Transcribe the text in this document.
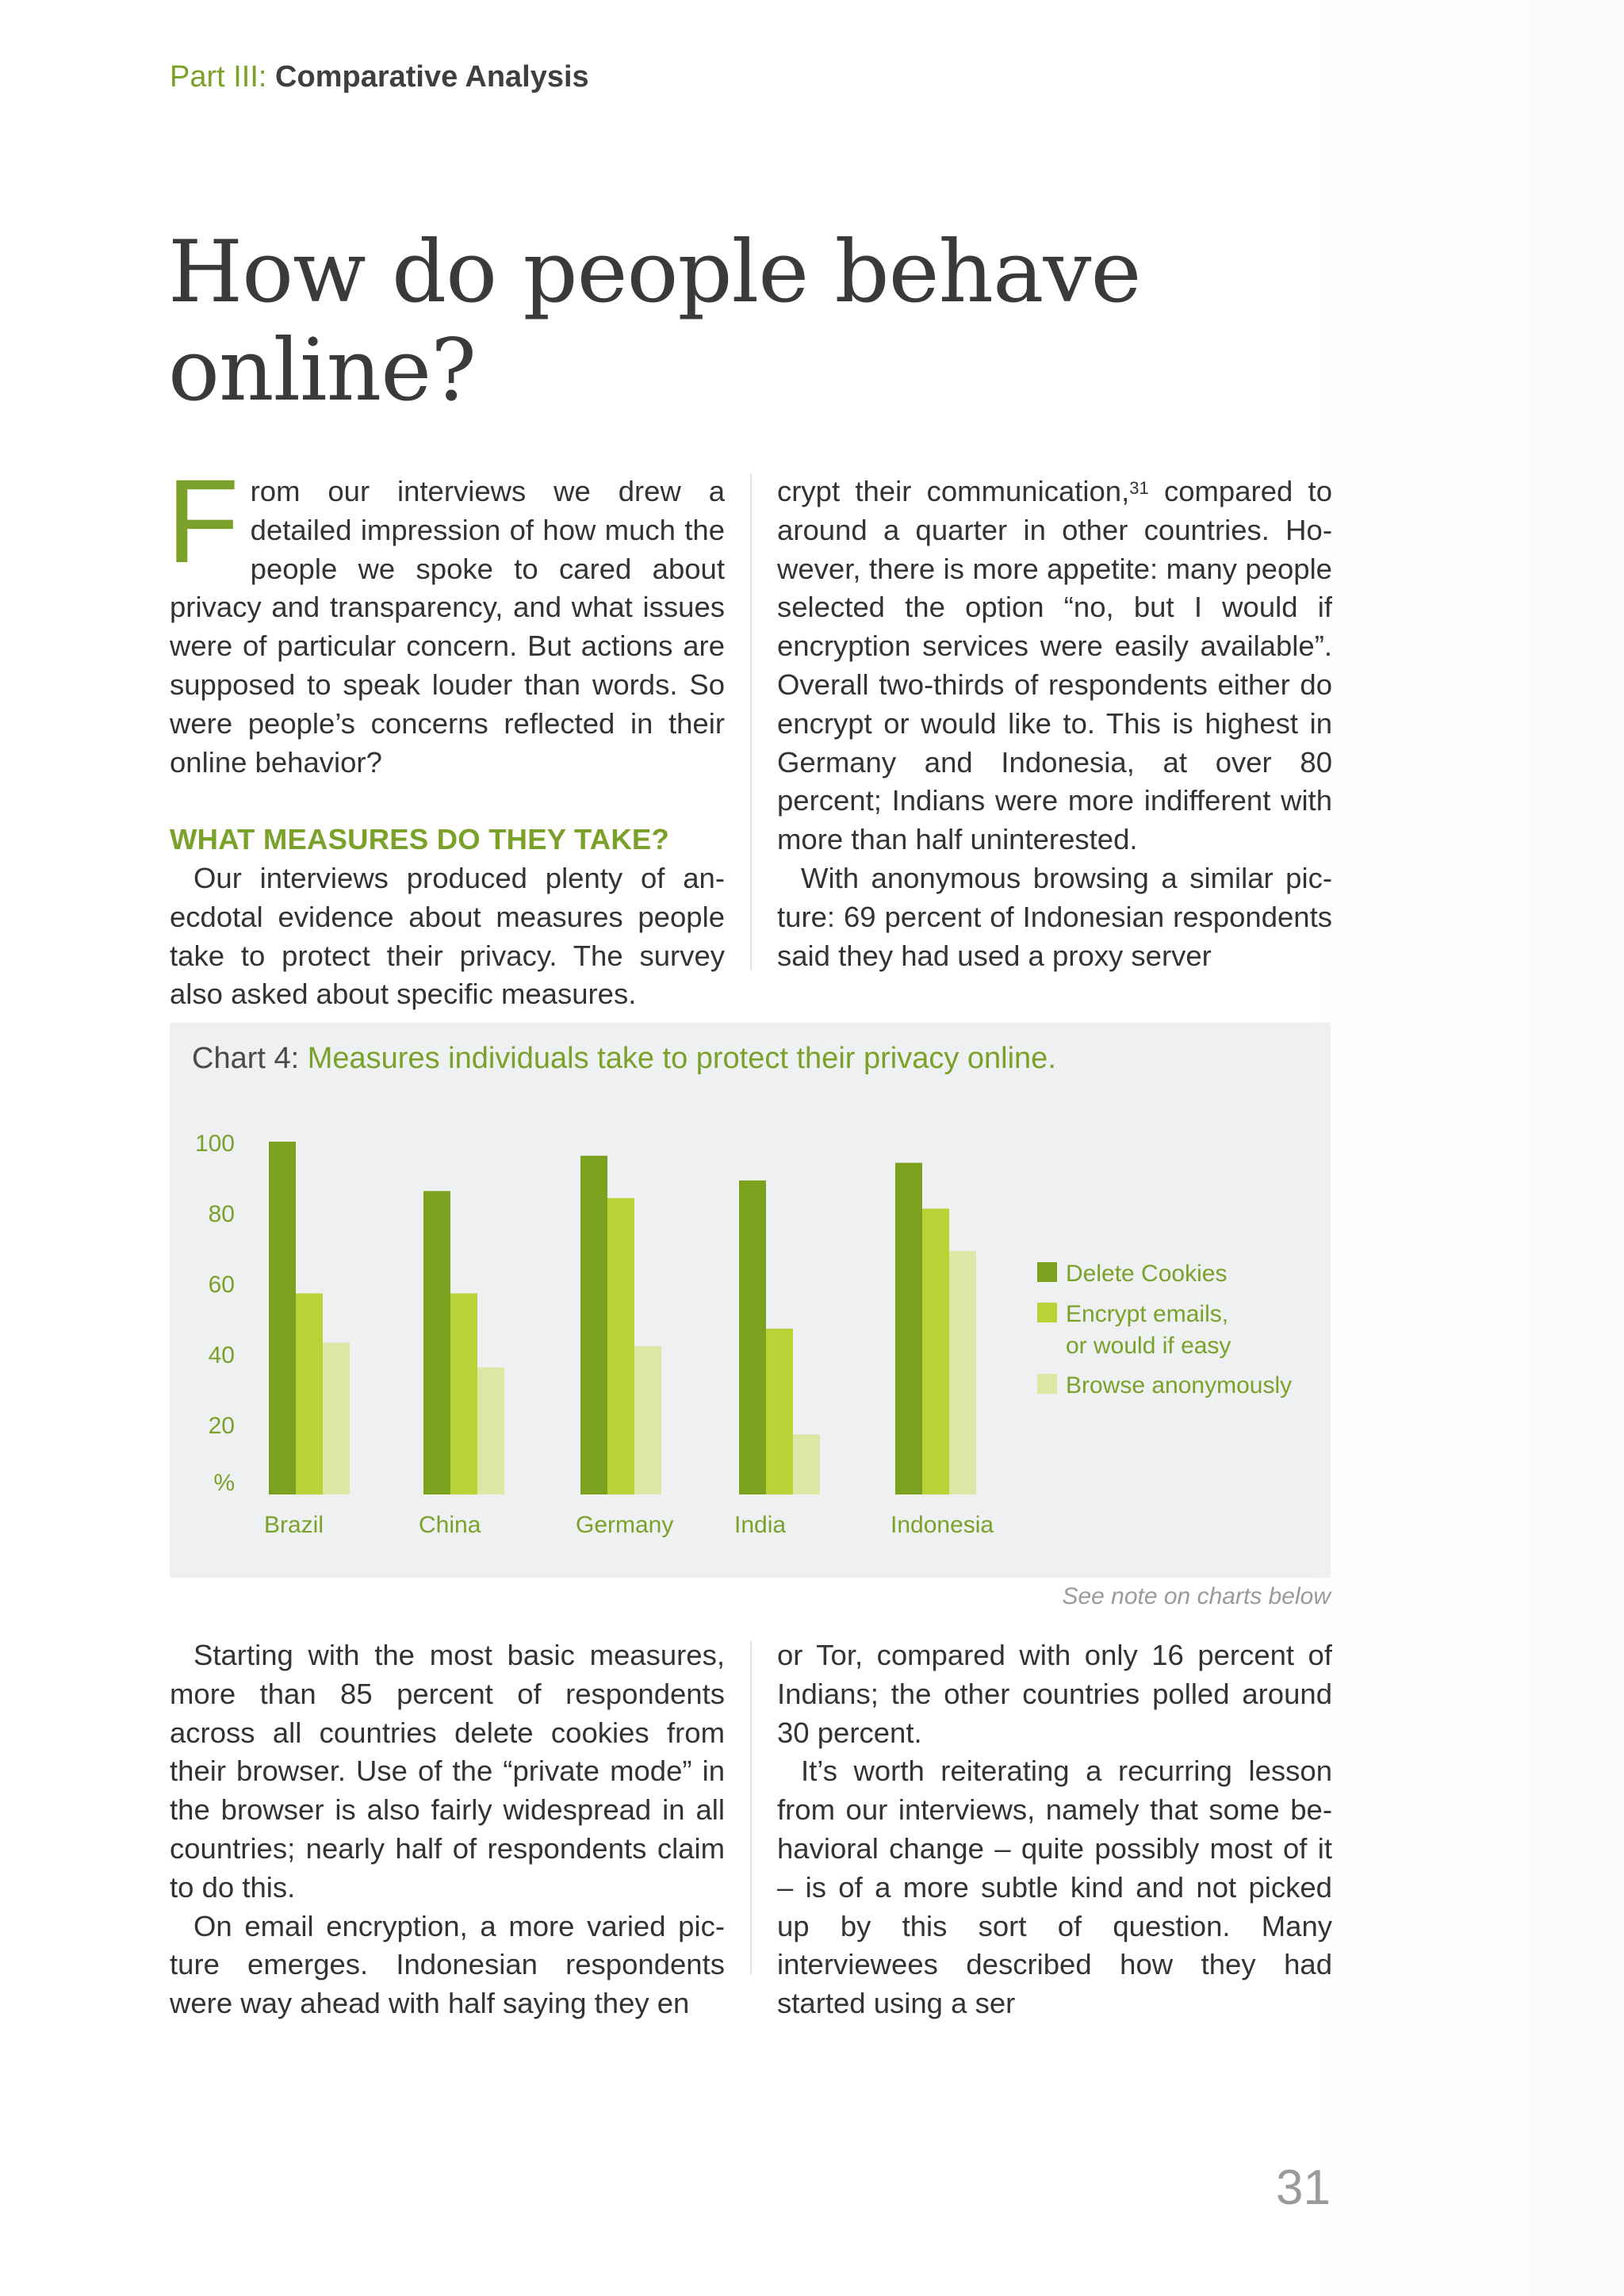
Part III: Comparative Analysis
How do people behave
online?

From our interviews we drew a detailed impression of how much the people we spoke to cared about privacy and transparency, and what issues were of particular concern. But actions are supposed to speak louder than words. So were people’s concerns reflected in their online behavior?

WHAT MEASURES DO THEY TAKE?

Our interviews produced plenty of anecdotal evidence about measures people take to protect their privacy. The survey also asked about specific measures.

crypt their communication,$^{31}$ compared to around a quarter in other countries. However, there is more appetite: many people selected the option “no, but I would if encryption services were easily available”. Overall two-thirds of respondents either do encrypt or would like to. This is highest in Germany and Indonesia, at over 80 percent; Indians were more indifferent with more than half uninterested.

With anonymous browsing a similar picture: 69 percent of Indonesian respondents said they had used a proxy server

Chart 4: Measures individuals take to protect their privacy online.
100
80
60
40
20
%
Brazil	China	Germany	India	Indonesia
Delete Cookies
Encrypt emails,
or would if easy
Browse anonymously
See note on charts below

Starting with the most basic measures, more than 85 percent of respondents across all countries delete cookies from their browser. Use of the “private mode” in the browser is also fairly widespread in all countries; nearly half of respondents claim to do this.

On email encryption, a more varied picture emerges. Indonesian respondents were way ahead with half saying they en

or Tor, compared with only 16 percent of Indians; the other countries polled around 30 percent.

It’s worth reiterating a recurring lesson from our interviews, namely that some behavioral change – quite possibly most of it – is of a more subtle kind and not picked up by this sort of question. Many interviewees described how they had started using a ser

31
